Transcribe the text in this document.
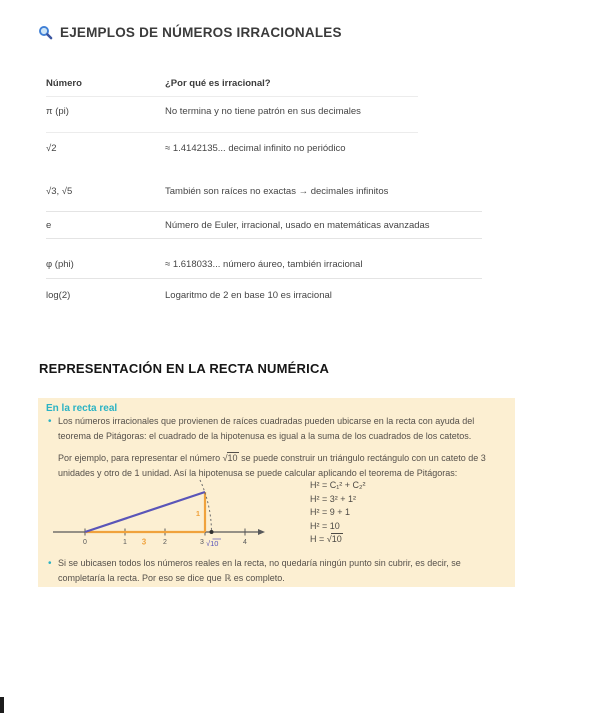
EJEMPLOS DE NÚMEROS IRRACIONALES
Número	¿Por qué es irracional?
π (pi)	No termina y no tiene patrón en sus decimales
√2	≈ 1.4142135... decimal infinito no periódico
√3, √5	También son raíces no exactas → decimales infinitos
e	Número de Euler, irracional, usado en matemáticas avanzadas
φ (phi)	≈ 1.618033... número áureo, también irracional
log(2)	Logaritmo de 2 en base 10 es irracional
REPRESENTACIÓN EN LA RECTA NUMÉRICA
En la recta real
• Los números irracionales que provienen de raíces cuadradas pueden ubicarse en la recta con ayuda del teorema de Pitágoras: el cuadrado de la hipotenusa es igual a la suma de los cuadrados de los catetos.
Por ejemplo, para representar el número √10 se puede construir un triángulo rectángulo con un cateto de 3 unidades y otro de 1 unidad. Así la hipotenusa se puede calcular aplicando el teorema de Pitágoras:
0	1	2	3	4
3
1
√10
H² = C₁² + C₂²
H² = 3² + 1²
H² = 9 + 1
H² = 10
H = √10
• Si se ubicasen todos los números reales en la recta, no quedaría ningún punto sin cubrir, es decir, se completaría la recta. Por eso se dice que ℝ es completo.
